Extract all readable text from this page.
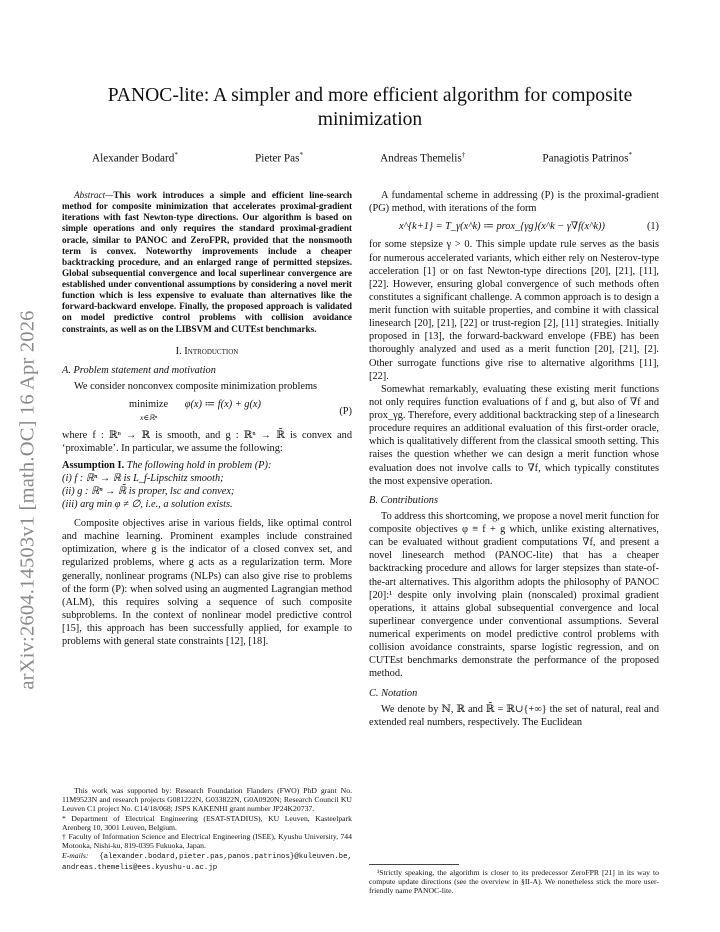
arXiv:2604.14503v1 [math.OC] 16 Apr 2026
PANOC-lite: A simpler and more efficient algorithm for composite minimization
Alexander Bodard*	Pieter Pas*	Andreas Themelis†	Panagiotis Patrinos*

Abstract—This work introduces a simple and efficient line-search method for composite minimization that accelerates proximal-gradient iterations with fast Newton-type directions. Our algorithm is based on simple operations and only requires the standard proximal-gradient oracle, similar to PANOC and ZeroFPR, provided that the nonsmooth term is convex. Noteworthy improvements include a cheaper backtracking procedure, and an enlarged range of permitted stepsizes. Global subsequential convergence and local superlinear convergence are established under conventional assumptions by considering a novel merit function which is less expensive to evaluate than alternatives like the forward-backward envelope. Finally, the proposed approach is validated on model predictive control problems with collision avoidance constraints, as well as on the LIBSVM and CUTEst benchmarks.

I. Introduction
A. Problem statement and motivation

We consider nonconvex composite minimization problems

minimize
x∈ℝⁿ φ(x) ≔ f(x) + g(x)
(P)

where f : ℝⁿ → ℝ is smooth, and g : ℝⁿ → ℝ̄ is convex and ‘proximable’. In particular, we assume the following:

Assumption I. The following hold in problem (P):

(i) f : ℝⁿ → ℝ is L_f-Lipschitz smooth;
(ii) g : ℝⁿ → ℝ̄ is proper, lsc and convex;
(iii) arg min φ ≠ ∅, i.e., a solution exists.

Composite objectives arise in various fields, like optimal control and machine learning. Prominent examples include constrained optimization, where g is the indicator of a closed convex set, and regularized problems, where g acts as a regularization term. More generally, nonlinear programs (NLPs) can also give rise to problems of the form (P): when solved using an augmented Lagrangian method (ALM), this requires solving a sequence of such composite subproblems. In the context of nonlinear model predictive control [15], this approach has been successfully applied, for example to problems with general state constraints [12], [18].

This work was supported by: Research Foundation Flanders (FWO) PhD grant No. 11M9523N and research projects G081222N, G033822N, G0A0920N; Research Council KU Leuven C1 project No. C14/18/068; JSPS KAKENHI grant number JP24K20737.

* Department of Electrical Engineering (ESAT-STADIUS), KU Leuven, Kasteelpark Arenberg 10, 3001 Leuven, Belgium.

† Faculty of Information Science and Electrical Engineering (ISEE), Kyushu University, 744 Motooka, Nishi-ku, 819-0395 Fukuoka, Japan.

E-mails: {alexander.bodard,pieter.pas,panos.patrinos}@kuleuven.be, andreas.themelis@ees.kyushu-u.ac.jp

A fundamental scheme in addressing (P) is the proximal-gradient (PG) method, with iterations of the form

x^{k+1} = T_γ(x^k) ≔ prox_{γg}(x^k − γ∇f(x^k))	(1)

for some stepsize γ > 0. This simple update rule serves as the basis for numerous accelerated variants, which either rely on Nesterov-type acceleration [1] or on fast Newton-type directions [20], [21], [11], [22]. However, ensuring global convergence of such methods often constitutes a significant challenge. A common approach is to design a merit function with suitable properties, and combine it with classical linesearch [20], [21], [22] or trust-region [2], [11] strategies. Initially proposed in [13], the forward-backward envelope (FBE) has been thoroughly analyzed and used as a merit function [20], [21], [2]. Other surrogate functions give rise to alternative algorithms [11], [22].

Somewhat remarkably, evaluating these existing merit functions not only requires function evaluations of f and g, but also of ∇f and prox_γg. Therefore, every additional backtracking step of a linesearch procedure requires an additional evaluation of this first-order oracle, which is qualitatively different from the classical smooth setting. This raises the question whether we can design a merit function whose evaluation does not involve calls to ∇f, which typically constitutes the most expensive operation.

B. Contributions

To address this shortcoming, we propose a novel merit function for composite objectives φ ≡ f + g which, unlike existing alternatives, can be evaluated without gradient computations ∇f, and present a novel linesearch method (PANOC-lite) that has a cheaper backtracking procedure and allows for larger stepsizes than state-of-the-art alternatives. This algorithm adopts the philosophy of PANOC [20]:¹ despite only involving plain (nonscaled) proximal gradient operations, it attains global subsequential convergence and local superlinear convergence under conventional assumptions. Several numerical experiments on model predictive control problems with collision avoidance constraints, sparse logistic regression, and on CUTEst benchmarks demonstrate the performance of the proposed method.

C. Notation

We denote by ℕ, ℝ and ℝ̄ = ℝ∪{+∞} the set of natural, real and extended real numbers, respectively. The Euclidean

¹Strictly speaking, the algorithm is closer to its predecessor ZeroFPR [21] in its way to compute update directions (see the overview in §II-A). We nonetheless stick the more user-friendly name PANOC-lite.
